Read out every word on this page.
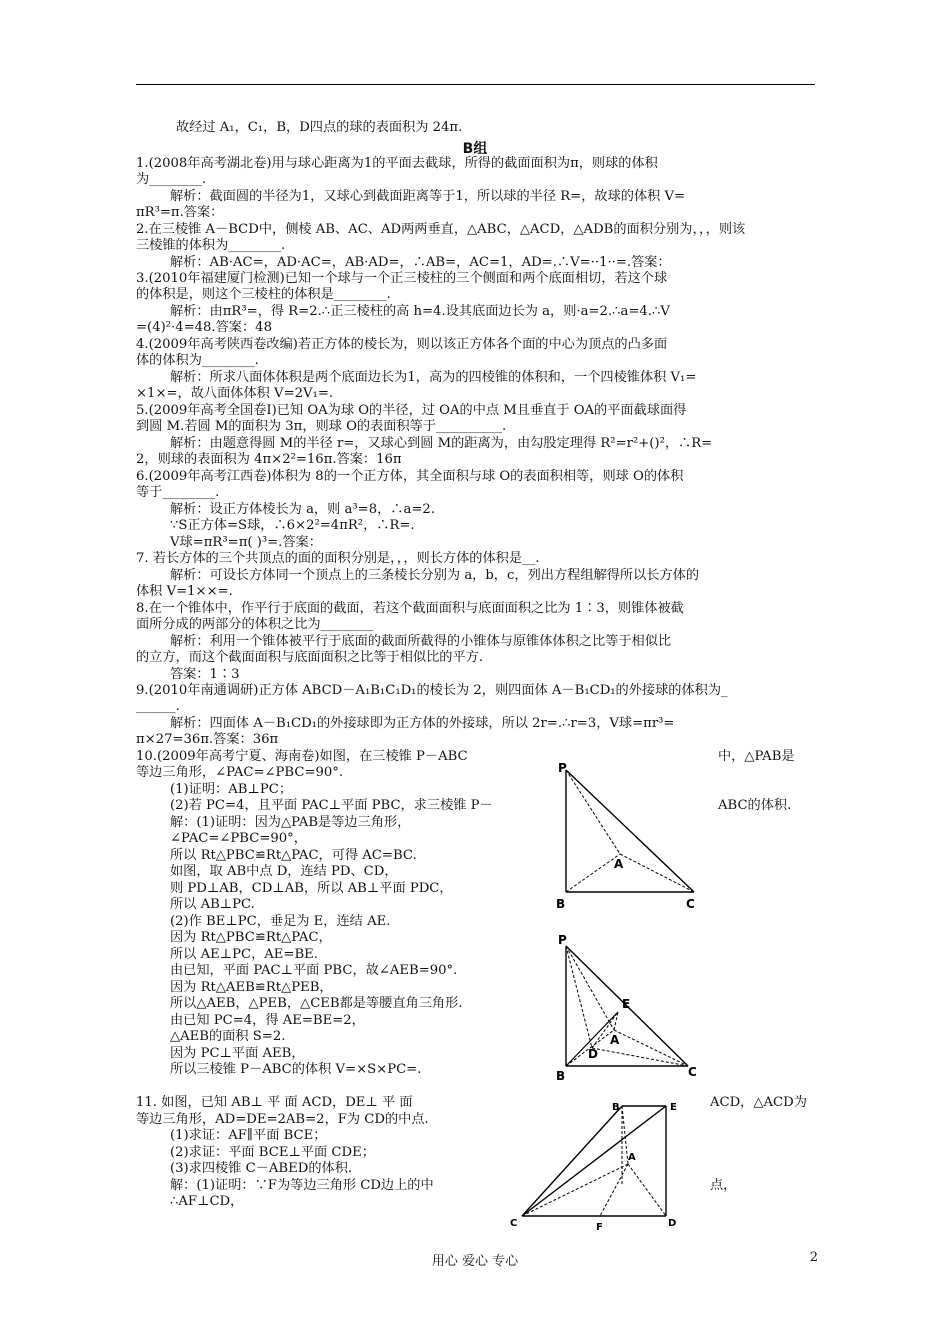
B组
故经过 A₁，C₁，B，D四点的球的表面积为 24π.
1.(2008年高考湖北卷)用与球心距离为1的平面去截球，所得的截面面积为π，则球的体积
为________.
解析：截面圆的半径为1，又球心到截面距离等于1，所以球的半径 R=，故球的体积 V=
πR³=π.答案：
2.在三棱锥 A－BCD中，侧棱 AB、AC、AD两两垂直，△ABC，△ACD，△ADB的面积分别为，，，则该
三棱锥的体积为________.
解析：AB·AC=，AD·AC=，AB·AD=，∴AB=，AC=1，AD=.∴V=··1··=.答案：
3.(2010年福建厦门检测)已知一个球与一个正三棱柱的三个侧面和两个底面相切，若这个球
的体积是，则这个三棱柱的体积是________.
解析：由πR³=，得 R=2.∴正三棱柱的高 h=4.设其底面边长为 a，则·a=2.∴a=4.∴V
=(4)²·4=48.答案：48
4.(2009年高考陕西卷改编)若正方体的棱长为，则以该正方体各个面的中心为顶点的凸多面
体的体积为________.
解析：所求八面体体积是两个底面边长为1，高为的四棱锥的体积和，一个四棱锥体积 V₁=
×1×=，故八面体体积 V=2V₁=.
5.(2009年高考全国卷Ⅰ)已知 OA为球 O的半径，过 OA的中点 M且垂直于 OA的平面截球面得
到圆 M.若圆 M的面积为 3π，则球 O的表面积等于__________.
解析：由题意得圆 M的半径 r=，又球心到圆 M的距离为，由勾股定理得 R²=r²+()²，∴R=
2，则球的表面积为 4π×2²=16π.答案：16π
6.(2009年高考江西卷)体积为 8的一个正方体，其全面积与球 O的表面积相等，则球 O的体积
等于________.
解析：设正方体棱长为 a，则 a³=8，∴a=2.
∵S正方体=S球，∴6×2²=4πR²，∴R=.
V球=πR³=π( )³=.答案：
7. 若长方体的三个共顶点的面的面积分别是，，，则长方体的体积是__.
解析：可设长方体同一个顶点上的三条棱长分别为 a，b，c，列出方程组解得所以长方体的
体积 V=1××=.
8.在一个锥体中，作平行于底面的截面，若这个截面面积与底面面积之比为 1∶3，则锥体被截
面所分成的两部分的体积之比为________
解析：利用一个锥体被平行于底面的截面所截得的小锥体与原锥体体积之比等于相似比
的立方，而这个截面面积与底面面积之比等于相似比的平方.
答案：1∶3
9.(2010年南通调研)正方体 ABCD－A₁B₁C₁D₁的棱长为 2，则四面体 A－B₁CD₁的外接球的体积为_
______.
解析：四面体 A－B₁CD₁的外接球即为正方体的外接球，所以 2r=.∴r=3，V球=πr³=
π×27=36π.答案：36π
10.(2009年高考宁夏、海南卷)如图，在三棱锥 P－ABC	中，△PAB是
等边三角形，∠PAC=∠PBC=90°.
(1)证明：AB⊥PC；
(2)若 PC=4，且平面 PAC⊥平面 PBC，求三棱锥 P－	ABC的体积.
解：(1)证明：因为△PAB是等边三角形，
∠PAC=∠PBC=90°，
所以 Rt△PBC≌Rt△PAC，可得 AC=BC.
如图，取 AB中点 D，连结 PD、CD，
则 PD⊥AB，CD⊥AB，所以 AB⊥平面 PDC，
所以 AB⊥PC.
(2)作 BE⊥PC，垂足为 E，连结 AE.
因为 Rt△PBC≌Rt△PAC，
所以 AE⊥PC，AE=BE.
由已知，平面 PAC⊥平面 PBC，故∠AEB=90°.
因为 Rt△AEB≌Rt△PEB，
所以△AEB，△PEB，△CEB都是等腰直角三角形.
由已知 PC=4，得 AE=BE=2，
△AEB的面积 S=2.
因为 PC⊥平面 AEB，
所以三棱锥 P－ABC的体积 V=×S×PC=.
11. 如图，已知 AB⊥ 平 面 ACD，DE⊥ 平 面	ACD，△ACD为
等边三角形，AD=DE=2AB=2，F为 CD的中点.
(1)求证：AF∥平面 BCE；
(2)求证：平面 BCE⊥平面 CDE；
(3)求四棱锥 C－ABED的体积.
解：(1)证明：∵F为等边三角形 CD边上的中	点，
∴AF⊥CD，
P
A
B	C
P
E
A
D
B	C
B	E
A
C	F	D
用心 爱心 专心	2
